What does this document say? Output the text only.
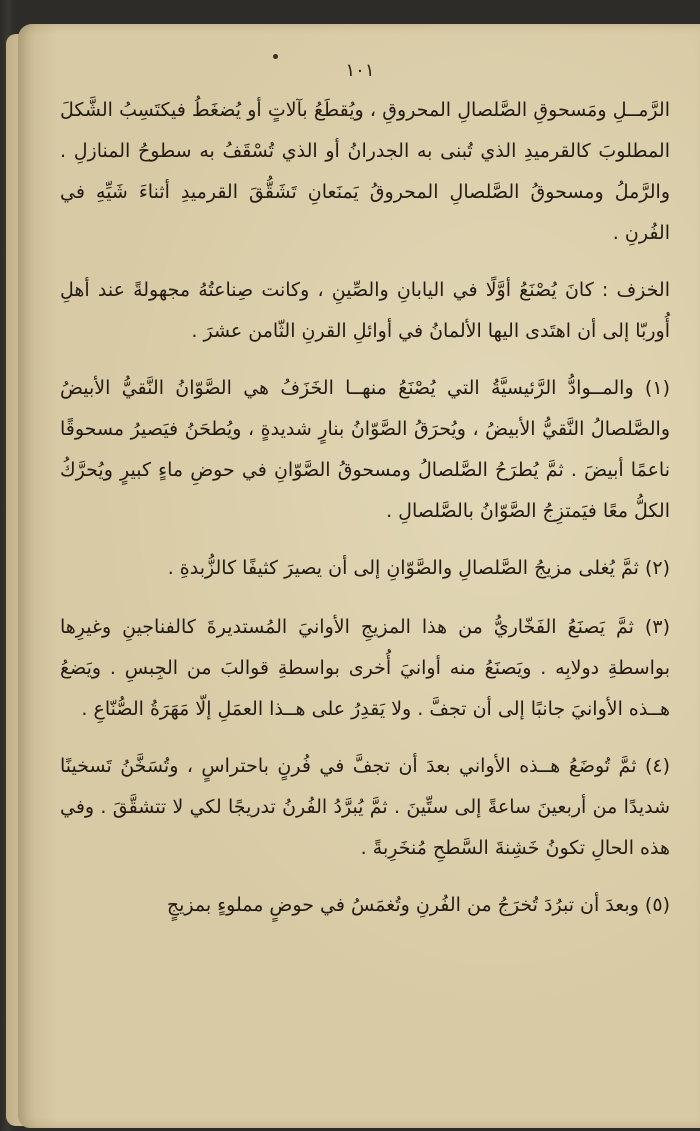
١٠١

الرَّمــلِ ومَسحوقِ الصَّلصالِ المحروقِ ، ويُقطَعُ بآلاتٍ أو يُضغَطُ فيكتَسِبُ الشَّكلَ المطلوبَ كالقرميدِ الذي تُبنى به الجدرانُ أو الذي تُسْقَفُ به سطوحُ المنازلِ . والرَّملُ ومسحوقُ الصَّلصالِ المحروقُ يَمنَعانِ تَشَقُّقَ القرميدِ أثناءَ شَيِّهِ في الفُرنِ .

الخزف : كانَ يُصْنَعُ أوَّلًا في اليابانِ والصِّينِ ، وكانت صِناعتُهُ مجهولةً عند أهلِ أُوربّا إلى أن اهتَدى اليها الألمانُ في أوائلِ القرنِ الثّامن عشرَ .

(١) والمــوادُّ الرَّئيسيَّةُ التي يُصْنَعُ منهــا الخَزَفُ هي الصَّوّانُ النَّقيُّ الأبيضُ والصَّلصالُ النَّقيُّ الأبيضُ ، ويُحرَقُ الصَّوّانُ بنارٍ شديدةٍ ، ويُطحَنُ فيَصيرُ مسحوقًا ناعمًا أبيضَ . ثمَّ يُطرَحُ الصَّلصالُ ومسحوقُ الصَّوّانِ في حوضِ ماءٍ كبيرٍ ويُحرَّكُ الكلُّ معًا فيَمتزِجُ الصَّوّانُ بالصَّلصالِ .

(٢) ثمَّ يُغلى مزيجُ الصَّلصالِ والصَّوّانِ إلى أن يصيرَ كثيفًا كالزُّبدةِ .

(٣) ثمَّ يَصنَعُ الفَخّاريُّ من هذا المزيجِ الأوانيَ المُستديرةَ كالفناجينِ وغيرِها بواسطةِ دولابِه . ويَصنَعُ منه أوانيَ أُخرى بواسطةِ قوالبَ من الجِبسِ . ويَضعُ هــذه الأوانيَ جانبًا إلى أن تجفَّ . ولا يَقدِرُ على هــذا العمَلِ إلّا مَهَرَةُ الصُّنّاعِ .

(٤) ثمَّ تُوضَعُ هــذه الأواني بعدَ أن تجفَّ في فُرنٍ باحتراسٍ ، وتُسَخَّنُ تَسخينًا شديدًا من أربعينَ ساعةً إلى ستِّينَ . ثمَّ يُبرَّدُ الفُرنُ تدريجًا لكي لا تتشقَّقَ . وفي هذه الحالِ تكونُ خَشِنةَ السَّطحِ مُنخَرِبةً .

(٥) وبعدَ أن تبرُدَ تُخرَجُ من الفُرنِ وتُغمَسُ في حوضٍ مملوءٍ بمزيجٍ
